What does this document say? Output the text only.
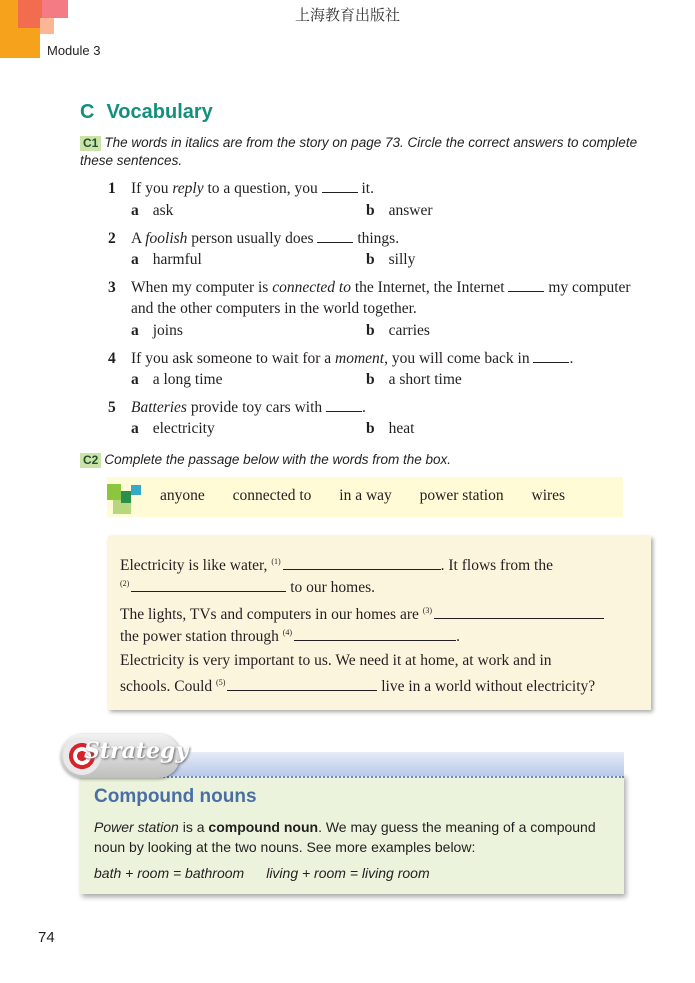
上海教育出版社
Module 3
C Vocabulary
C1 The words in italics are from the story on page 73. Circle the correct answers to complete these sentences.
1 If you reply to a question, you  it.
a ask	b answer
2 A foolish person usually does  things.
a harmful	b silly
3 When my computer is connected to the Internet, the Internet  my computer and the other computers in the world together.
a joins	b carries
4 If you ask someone to wait for a moment, you will come back in .
a a long time	b a short time
5 Batteries provide toy cars with .
a electricity	b heat
C2 Complete the passage below with the words from the box.
anyone connected to in a way power station wires
Electricity is like water, $^{(1)}$	. It flows from the
$^{(2)}$	to our homes.
The lights, TVs and computers in our homes are $^{(3)}$
the power station through $^{(4)}$	.
Electricity is very important to us. We need it at home, at work and in
schools. Could $^{(5)}$	live in a world without electricity?
Strategy
Compound nouns
Power station is a compound noun. We may guess the meaning of a compound noun by looking at the two nouns. See more examples below:
bath + room = bathroom living + room = living room
74
